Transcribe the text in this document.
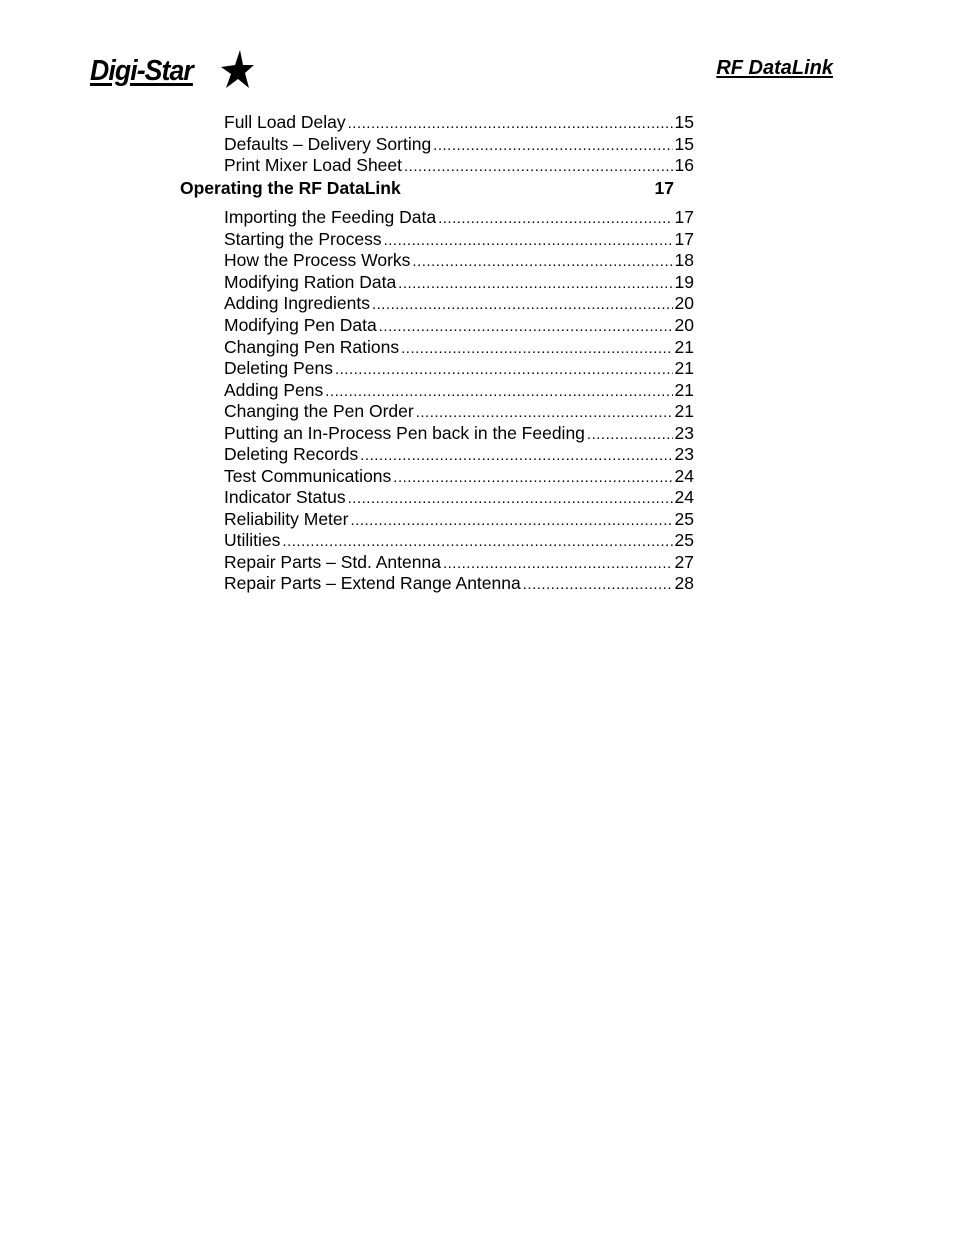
Digi-Star	RF DataLink
Full Load Delay .....	15
Defaults – Delivery Sorting .....	15
Print Mixer Load Sheet .....	16
Operating the RF DataLink	17
Importing the Feeding Data .....	17
Starting the Process .....	17
How the Process Works .....	18
Modifying Ration Data .....	19
Adding Ingredients .....	20
Modifying Pen Data .....	20
Changing Pen Rations .....	21
Deleting Pens .....	21
Adding Pens .....	21
Changing the Pen Order .....	21
Putting an In-Process Pen back in the Feeding .....	23
Deleting Records .....	23
Test Communications .....	24
Indicator Status .....	24
Reliability Meter .....	25
Utilities .....	25
Repair Parts – Std. Antenna .....	27
Repair Parts – Extend Range Antenna .....	28
